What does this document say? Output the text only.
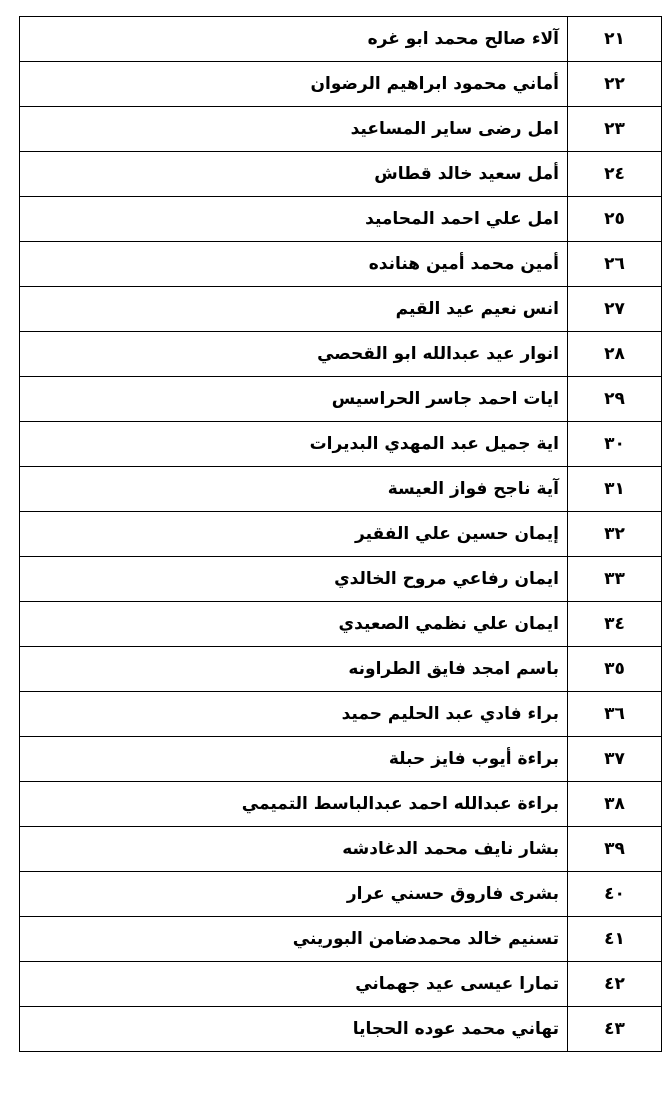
٢١	آلاء صالح محمد ابو غره
٢٢	أماني محمود ابراهيم الرضوان
٢٣	امل رضى ساير المساعيد
٢٤	أمل سعيد خالد قطاش
٢٥	امل علي احمد المحاميد
٢٦	أمين محمد أمين هنانده
٢٧	انس نعيم عيد القيم
٢٨	انوار عيد عبدالله ابو القحصي
٢٩	ايات احمد جاسر الحراسيس
٣٠	اية جميل عبد المهدي البديرات
٣١	آية ناجح فواز العيسة
٣٢	إيمان حسين علي الفقير
٣٣	ايمان رفاعي مروح الخالدي
٣٤	ايمان علي نظمي الصعيدي
٣٥	باسم امجد فايق الطراونه
٣٦	براء فادي عبد الحليم حميد
٣٧	براءة أيوب فايز حبلة
٣٨	براءة عبدالله احمد عبدالباسط التميمي
٣٩	بشار نايف محمد الدغادشه
٤٠	بشرى فاروق حسني عرار
٤١	تسنيم خالد محمدضامن البوريني
٤٢	تمارا عيسى عيد جهماني
٤٣	تهاني محمد عوده الحجايا
